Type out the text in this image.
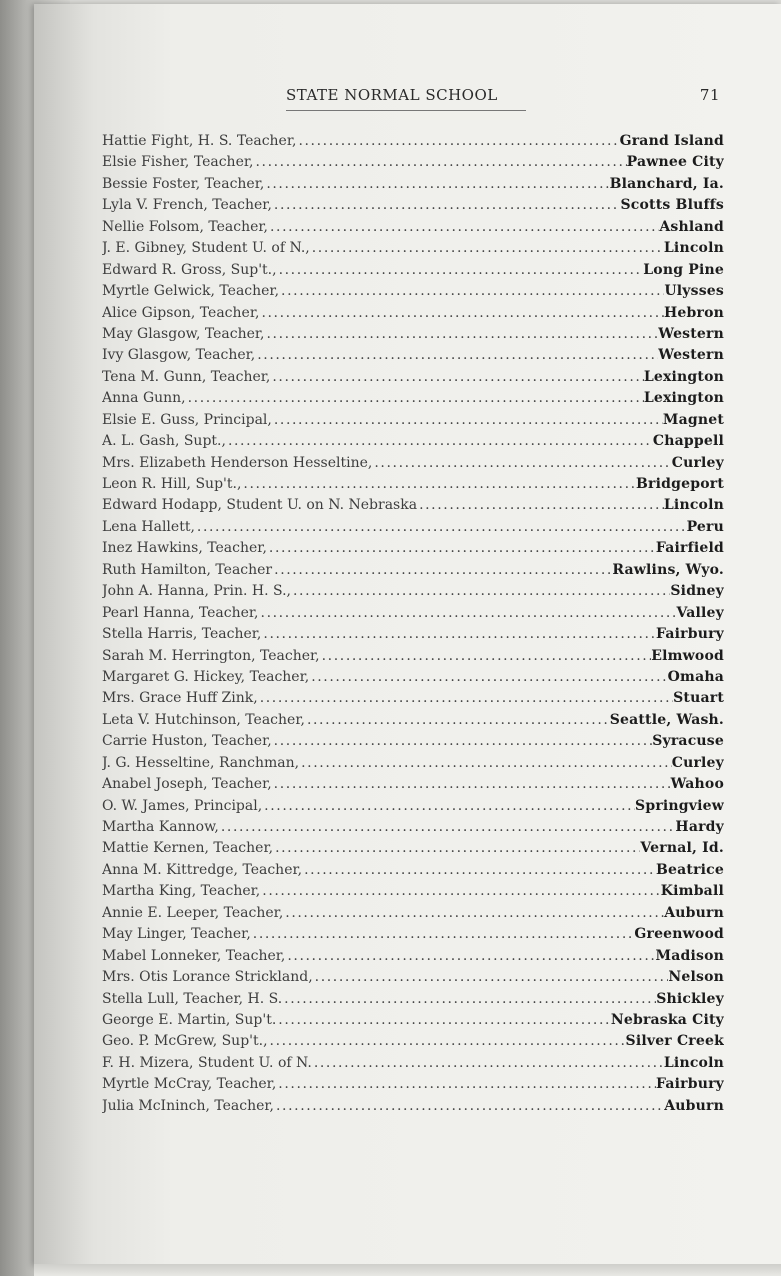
STATE NORMAL SCHOOL	71
Hattie Fight, H. S. Teacher, .....	Grand Island
Elsie Fisher, Teacher, .....	Pawnee City
Bessie Foster, Teacher, .....	Blanchard, Ia.
Lyla V. French, Teacher, .....	Scotts Bluffs
Nellie Folsom, Teacher, .....	Ashland
J. E. Gibney, Student U. of N., .....	Lincoln
Edward R. Gross, Sup't., .....	Long Pine
Myrtle Gelwick, Teacher, .....	Ulysses
Alice Gipson, Teacher, .....	Hebron
May Glasgow, Teacher, .....	Western
Ivy Glasgow, Teacher, .....	Western
Tena M. Gunn, Teacher, .....	Lexington
Anna Gunn, .....	Lexington
Elsie E. Guss, Principal, .....	Magnet
A. L. Gash, Supt., .....	Chappell
Mrs. Elizabeth Henderson Hesseltine, .....	Curley
Leon R. Hill, Sup't., .....	Bridgeport
Edward Hodapp, Student U. on N. Nebraska .....	Lincoln
Lena Hallett, .....	Peru
Inez Hawkins, Teacher, .....	Fairfield
Ruth Hamilton, Teacher .....	Rawlins, Wyo.
John A. Hanna, Prin. H. S., .....	Sidney
Pearl Hanna, Teacher, .....	Valley
Stella Harris, Teacher, .....	Fairbury
Sarah M. Herrington, Teacher, .....	Elmwood
Margaret G. Hickey, Teacher, .....	Omaha
Mrs. Grace Huff Zink, .....	Stuart
Leta V. Hutchinson, Teacher, .....	Seattle, Wash.
Carrie Huston, Teacher, .....	Syracuse
J. G. Hesseltine, Ranchman, .....	Curley
Anabel Joseph, Teacher, .....	Wahoo
O. W. James, Principal, .....	Springview
Martha Kannow, .....	Hardy
Mattie Kernen, Teacher, .....	Vernal, Id.
Anna M. Kittredge, Teacher, .....	Beatrice
Martha King, Teacher, .....	Kimball
Annie E. Leeper, Teacher, .....	Auburn
May Linger, Teacher, .....	Greenwood
Mabel Lonneker, Teacher, .....	Madison
Mrs. Otis Lorance Strickland, .....	Nelson
Stella Lull, Teacher, H. S. .....	Shickley
George E. Martin, Sup't. .....	Nebraska City
Geo. P. McGrew, Sup't., .....	Silver Creek
F. H. Mizera, Student U. of N. .....	Lincoln
Myrtle McCray, Teacher, .....	Fairbury
Julia McIninch, Teacher, .....	Auburn
